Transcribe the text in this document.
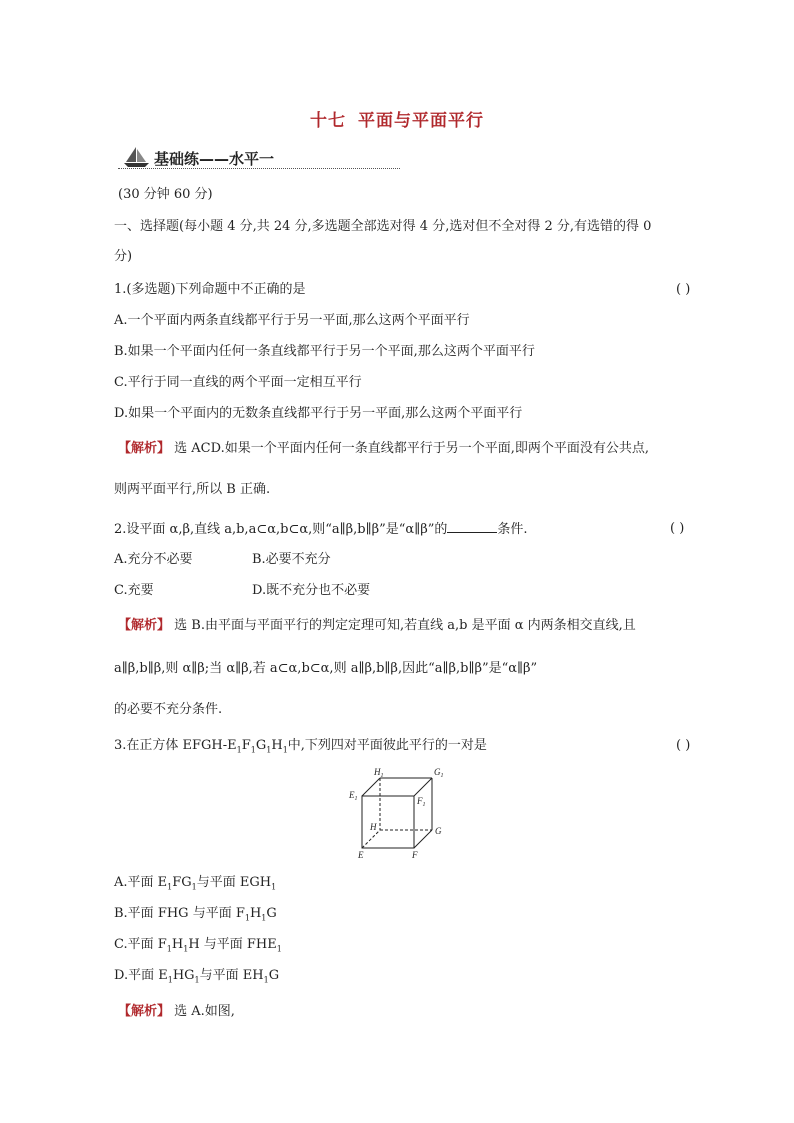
十七 平面与平面平行
基础练——水平一
(30 分钟 60 分)
一、选择题(每小题 4 分,共 24 分,多选题全部选对得 4 分,选对但不全对得 2 分,有选错的得 0
分)
1.(多选题)下列命题中不正确的是	( )
A.一个平面内两条直线都平行于另一平面,那么这两个平面平行
B.如果一个平面内任何一条直线都平行于另一个平面,那么这两个平面平行
C.平行于同一直线的两个平面一定相互平行
D.如果一个平面内的无数条直线都平行于另一平面,那么这两个平面平行
【解析】 选 ACD.如果一个平面内任何一条直线都平行于另一个平面,即两个平面没有公共点,
则两平面平行,所以 B 正确.
2.设平面 α,β,直线 a,b,a⊂α,b⊂α,则“a∥β,b∥β”是“α∥β”的	条件.	( )
A.充分不必要	B.必要不充分
C.充要	D.既不充分也不必要
【解析】 选 B.由平面与平面平行的判定定理可知,若直线 a,b 是平面 α 内两条相交直线,且
a∥β,b∥β,则 α∥β;当 α∥β,若 a⊂α,b⊂α,则 a∥β,b∥β,因此“a∥β,b∥β”是“α∥β”
的必要不充分条件.
3.在正方体 EFGH-$E_1F_1G_1H_1$中,下列四对平面彼此平行的一对是	( )
$H_1$	$G_1$
$E_1$	$F_1$
H	G
E	F
A.平面 $E_1FG_1$与平面 $EGH_1$
B.平面 FHG 与平面 $F_1H_1G$
C.平面 $F_1H_1H$ 与平面 $FHE_1$
D.平面 $E_1HG_1$与平面 $EH_1G$
【解析】 选 A.如图,
